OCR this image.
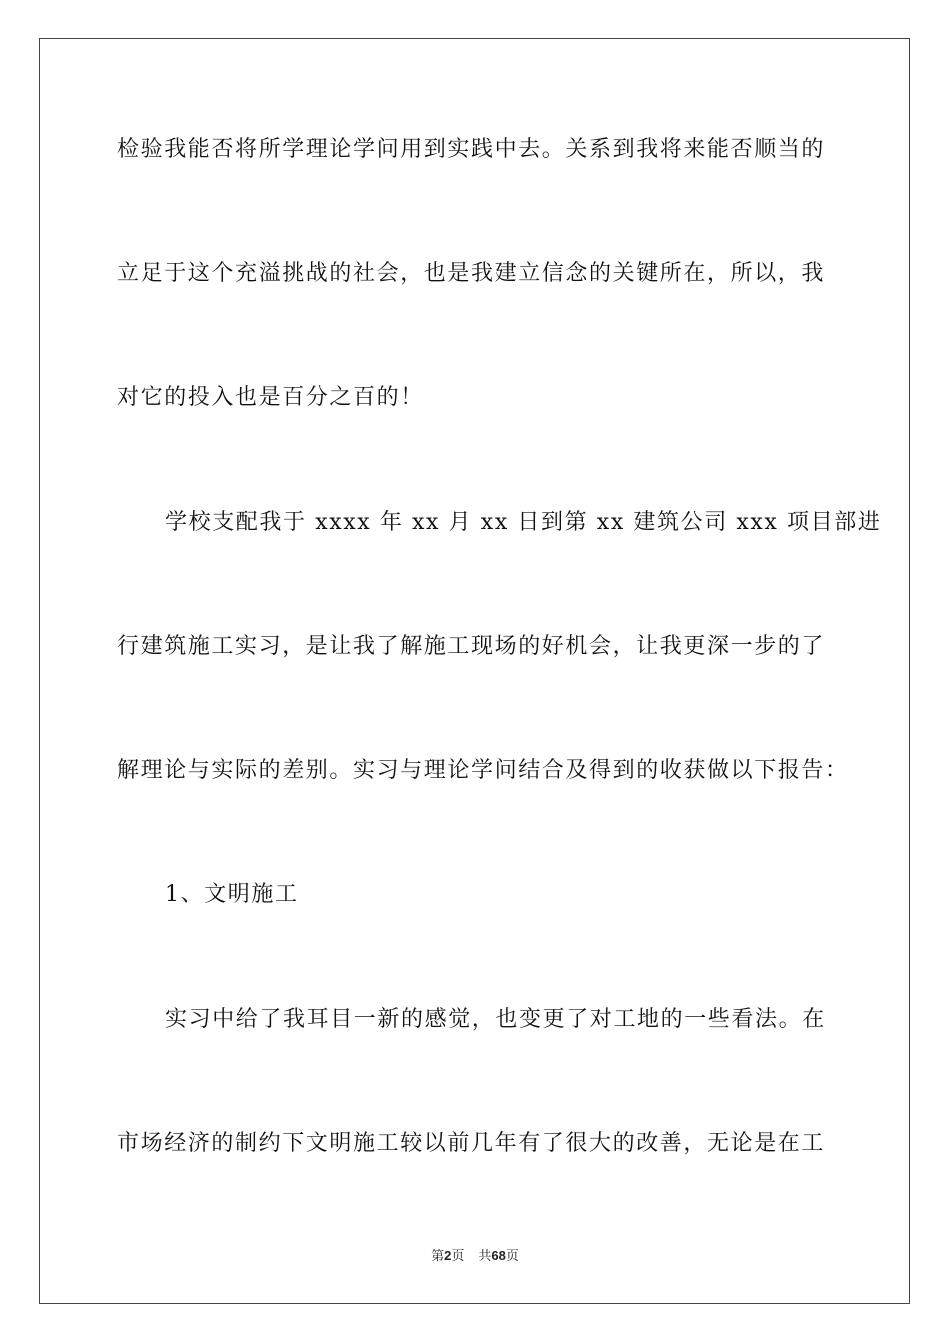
检验我能否将所学理论学问用到实践中去。关系到我将来能否顺当的
立足于这个充溢挑战的社会，也是我建立信念的关键所在，所以，我
对它的投入也是百分之百的！
学校支配我于 xxxx 年 xx 月 xx 日到第 xx 建筑公司 xxx 项目部进
行建筑施工实习，是让我了解施工现场的好机会，让我更深一步的了
解理论与实际的差别。实习与理论学问结合及得到的收获做以下报告：
1、文明施工
实习中给了我耳目一新的感觉，也变更了对工地的一些看法。在
市场经济的制约下文明施工较以前几年有了很大的改善，无论是在工
第2页 共68页
